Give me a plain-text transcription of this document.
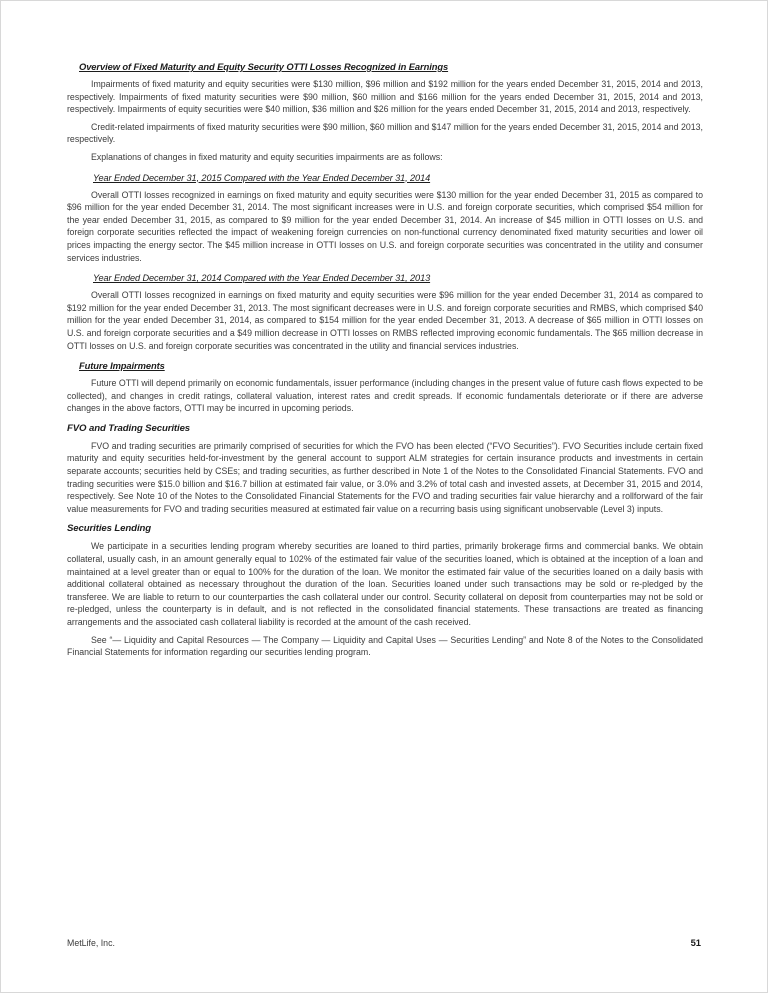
Overview of Fixed Maturity and Equity Security OTTI Losses Recognized in Earnings

Impairments of fixed maturity and equity securities were $130 million, $96 million and $192 million for the years ended December 31, 2015, 2014 and 2013, respectively. Impairments of fixed maturity securities were $90 million, $60 million and $166 million for the years ended December 31, 2015, 2014 and 2013, respectively. Impairments of equity securities were $40 million, $36 million and $26 million for the years ended December 31, 2015, 2014 and 2013, respectively.

Credit-related impairments of fixed maturity securities were $90 million, $60 million and $147 million for the years ended December 31, 2015, 2014 and 2013, respectively.

Explanations of changes in fixed maturity and equity securities impairments are as follows:

Year Ended December 31, 2015 Compared with the Year Ended December 31, 2014

Overall OTTI losses recognized in earnings on fixed maturity and equity securities were $130 million for the year ended December 31, 2015 as compared to $96 million for the year ended December 31, 2014. The most significant increases were in U.S. and foreign corporate securities, which comprised $54 million for the year ended December 31, 2015, as compared to $9 million for the year ended December 31, 2014. An increase of $45 million in OTTI losses on U.S. and foreign corporate securities reflected the impact of weakening foreign currencies on non-functional currency denominated fixed maturity securities and lower oil prices impacting the energy sector. The $45 million increase in OTTI losses on U.S. and foreign corporate securities was concentrated in the utility and consumer services industries.

Year Ended December 31, 2014 Compared with the Year Ended December 31, 2013

Overall OTTI losses recognized in earnings on fixed maturity and equity securities were $96 million for the year ended December 31, 2014 as compared to $192 million for the year ended December 31, 2013. The most significant decreases were in U.S. and foreign corporate securities and RMBS, which comprised $40 million for the year ended December 31, 2014, as compared to $154 million for the year ended December 31, 2013. A decrease of $65 million in OTTI losses on U.S. and foreign corporate securities and a $49 million decrease in OTTI losses on RMBS reflected improving economic fundamentals. The $65 million decrease in OTTI losses on U.S. and foreign corporate securities was concentrated in the utility and financial services industries.

Future Impairments

Future OTTI will depend primarily on economic fundamentals, issuer performance (including changes in the present value of future cash flows expected to be collected), and changes in credit ratings, collateral valuation, interest rates and credit spreads. If economic fundamentals deteriorate or if there are adverse changes in the above factors, OTTI may be incurred in upcoming periods.

FVO and Trading Securities

FVO and trading securities are primarily comprised of securities for which the FVO has been elected (“FVO Securities”). FVO Securities include certain fixed maturity and equity securities held-for-investment by the general account to support ALM strategies for certain insurance products and investments in certain separate accounts; securities held by CSEs; and trading securities, as further described in Note 1 of the Notes to the Consolidated Financial Statements. FVO and trading securities were $15.0 billion and $16.7 billion at estimated fair value, or 3.0% and 3.2% of total cash and invested assets, at December 31, 2015 and 2014, respectively. See Note 10 of the Notes to the Consolidated Financial Statements for the FVO and trading securities fair value hierarchy and a rollforward of the fair value measurements for FVO and trading securities measured at estimated fair value on a recurring basis using significant unobservable (Level 3) inputs.

Securities Lending

We participate in a securities lending program whereby securities are loaned to third parties, primarily brokerage firms and commercial banks. We obtain collateral, usually cash, in an amount generally equal to 102% of the estimated fair value of the securities loaned, which is obtained at the inception of a loan and maintained at a level greater than or equal to 100% for the duration of the loan. We monitor the estimated fair value of the securities loaned on a daily basis with additional collateral obtained as necessary throughout the duration of the loan. Securities loaned under such transactions may be sold or re-pledged by the transferee. We are liable to return to our counterparties the cash collateral under our control. Security collateral on deposit from counterparties may not be sold or re-pledged, unless the counterparty is in default, and is not reflected in the consolidated financial statements. These transactions are treated as financing arrangements and the associated cash collateral liability is recorded at the amount of the cash received.

See “— Liquidity and Capital Resources — The Company — Liquidity and Capital Uses — Securities Lending” and Note 8 of the Notes to the Consolidated Financial Statements for information regarding our securities lending program.

MetLife, Inc.	51
